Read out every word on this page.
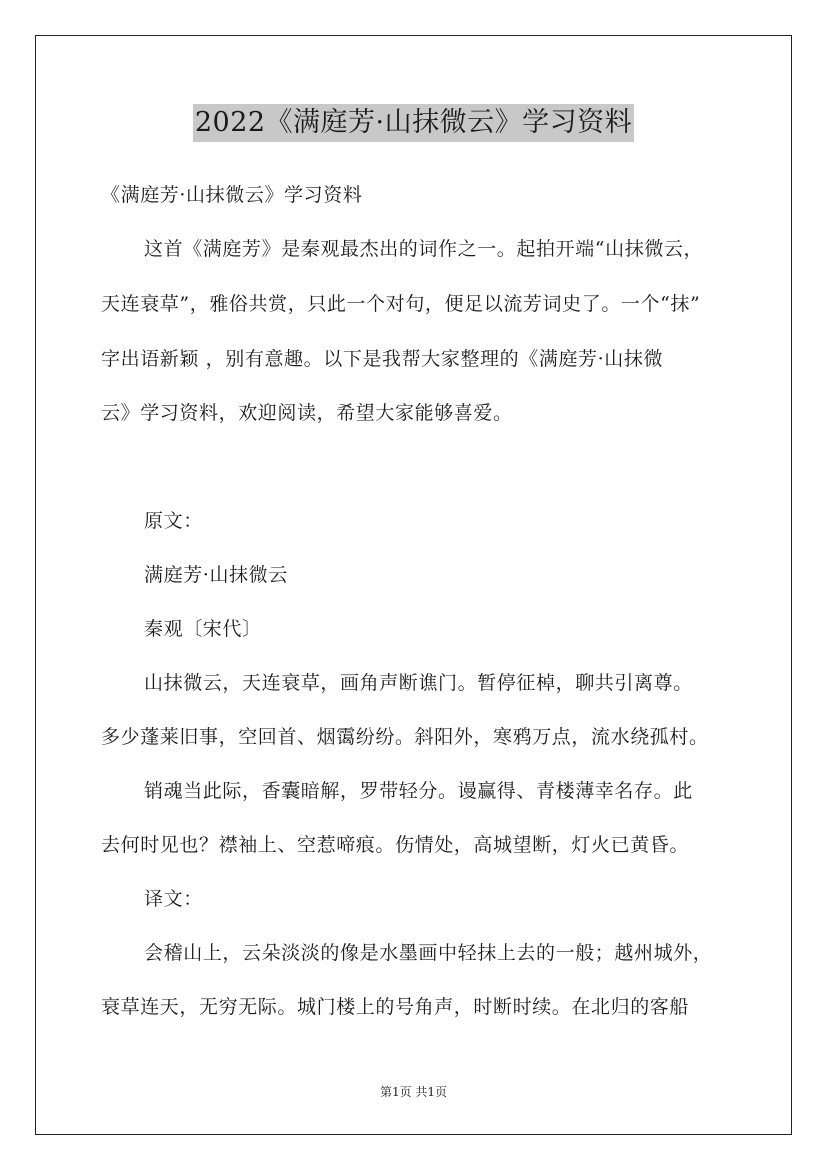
2022《满庭芳·山抹微云》学习资料
《满庭芳·山抹微云》学习资料
这首《满庭芳》是秦观最杰出的词作之一。起拍开端“山抹微云，
天连衰草”，雅俗共赏，只此一个对句，便足以流芳词史了。一个“抹”
字出语新颖 ，别有意趣。以下是我帮大家整理的《满庭芳·山抹微
云》学习资料，欢迎阅读，希望大家能够喜爱。
原文：
满庭芳·山抹微云
秦观〔宋代〕
山抹微云，天连衰草，画角声断谯门。暂停征棹，聊共引离尊。
多少蓬莱旧事，空回首、烟霭纷纷。斜阳外，寒鸦万点，流水绕孤村。
销魂当此际，香囊暗解，罗带轻分。谩赢得、青楼薄幸名存。此
去何时见也？襟袖上、空惹啼痕。伤情处，高城望断，灯火已黄昏。
译文：
会稽山上，云朵淡淡的像是水墨画中轻抹上去的一般；越州城外，
衰草连天，无穷无际。城门楼上的号角声，时断时续。在北归的客船
第1页 共1页
